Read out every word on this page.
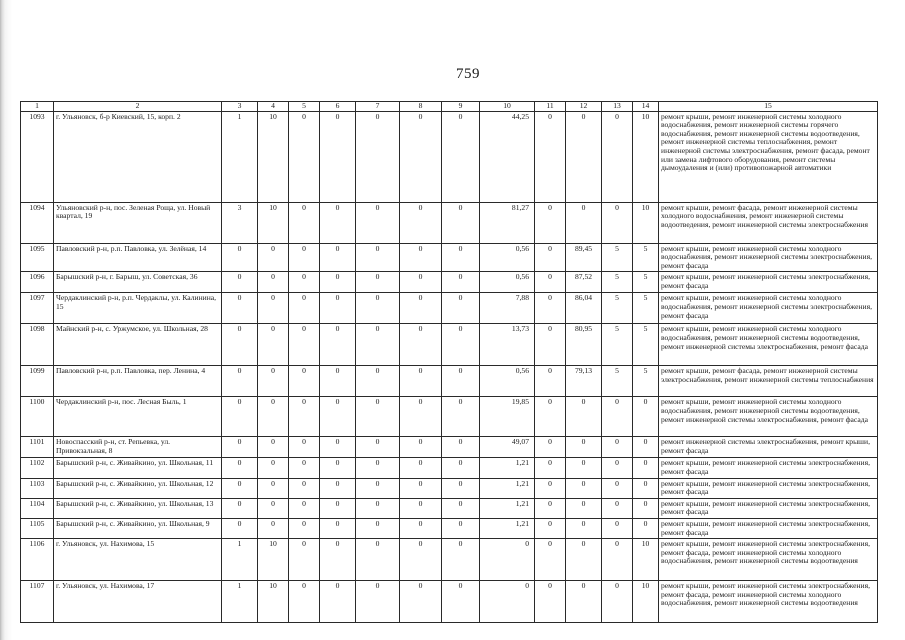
759
1	2	3	4	5	6	7	8	9	10	11	12	13	14	15
1093	г. Ульяновск, б-р Киевский, 15, корп. 2	1	10	0	0	0	0	0	44,25	0	0	0	10	ремонт крыши, ремонт инженерной системы холодного водоснабжения, ремонт инженерной системы горячего водоснабжения, ремонт инженерной системы водоотведения, ремонт инженерной системы теплоснабжения, ремонт инженерной системы электроснабжения, ремонт фасада, ремонт или замена лифтового оборудования, ремонт системы дымоудаления и (или) противопожарной автоматики
1094	Ульяновский р-н, пос. Зеленая Роща, ул. Новый квартал, 19	3	10	0	0	0	0	0	81,27	0	0	0	10	ремонт крыши, ремонт фасада, ремонт инженерной системы холодного водоснабжения, ремонт инженерной системы водоотведения, ремонт инженерной системы электроснабжения
1095	Павловский р-н, р.п. Павловка, ул. Зелёная, 14	0	0	0	0	0	0	0	0,56	0	89,45	5	5	ремонт крыши, ремонт инженерной системы холодного водоснабжения, ремонт инженерной системы электроснабжения, ремонт фасада
1096	Барышский р-н, г. Барыш, ул. Советская, 36	0	0	0	0	0	0	0	0,56	0	87,52	5	5	ремонт крыши, ремонт инженерной системы электроснабжения, ремонт фасада
1097	Чердаклинский р-н, р.п. Чердаклы, ул. Калинина, 15	0	0	0	0	0	0	0	7,88	0	86,04	5	5	ремонт крыши, ремонт инженерной системы холодного водоснабжения, ремонт инженерной системы электроснабжения, ремонт фасада
1098	Майнский р-н, с. Уржумское, ул. Школьная, 28	0	0	0	0	0	0	0	13,73	0	80,95	5	5	ремонт крыши, ремонт инженерной системы холодного водоснабжения, ремонт инженерной системы водоотведения, ремонт инженерной системы электроснабжения, ремонт фасада
1099	Павловский р-н, р.п. Павловка, пер. Ленина, 4	0	0	0	0	0	0	0	0,56	0	79,13	5	5	ремонт крыши, ремонт фасада, ремонт инженерной системы электроснабжения, ремонт инженерной системы теплоснабжения
1100	Чердаклинский р-н, пос. Лесная Быль, 1	0	0	0	0	0	0	0	19,85	0	0	0	0	ремонт крыши, ремонт инженерной системы холодного водоснабжения, ремонт инженерной системы водоотведения, ремонт инженерной системы электроснабжения, ремонт фасада
1101	Новоспасский р-н, ст. Репьевка, ул. Привокзальная, 8	0	0	0	0	0	0	0	49,07	0	0	0	0	ремонт инженерной системы электроснабжения, ремонт крыши, ремонт фасада
1102	Барышский р-н, с. Живайкино, ул. Школьная, 11	0	0	0	0	0	0	0	1,21	0	0	0	0	ремонт крыши, ремонт инженерной системы электроснабжения, ремонт фасада
1103	Барышский р-н, с. Живайкино, ул. Школьная, 12	0	0	0	0	0	0	0	1,21	0	0	0	0	ремонт крыши, ремонт инженерной системы электроснабжения, ремонт фасада
1104	Барышский р-н, с. Живайкино, ул. Школьная, 13	0	0	0	0	0	0	0	1,21	0	0	0	0	ремонт крыши, ремонт инженерной системы электроснабжения, ремонт фасада
1105	Барышский р-н, с. Живайкино, ул. Школьная, 9	0	0	0	0	0	0	0	1,21	0	0	0	0	ремонт крыши, ремонт инженерной системы электроснабжения, ремонт фасада
1106	г. Ульяновск, ул. Нахимова, 15	1	10	0	0	0	0	0	0	0	0	0	10	ремонт крыши, ремонт инженерной системы электроснабжения, ремонт фасада, ремонт инженерной системы холодного водоснабжения, ремонт инженерной системы водоотведения
1107	г. Ульяновск, ул. Нахимова, 17	1	10	0	0	0	0	0	0	0	0	0	10	ремонт крыши, ремонт инженерной системы электроснабжения, ремонт фасада, ремонт инженерной системы холодного водоснабжения, ремонт инженерной системы водоотведения
